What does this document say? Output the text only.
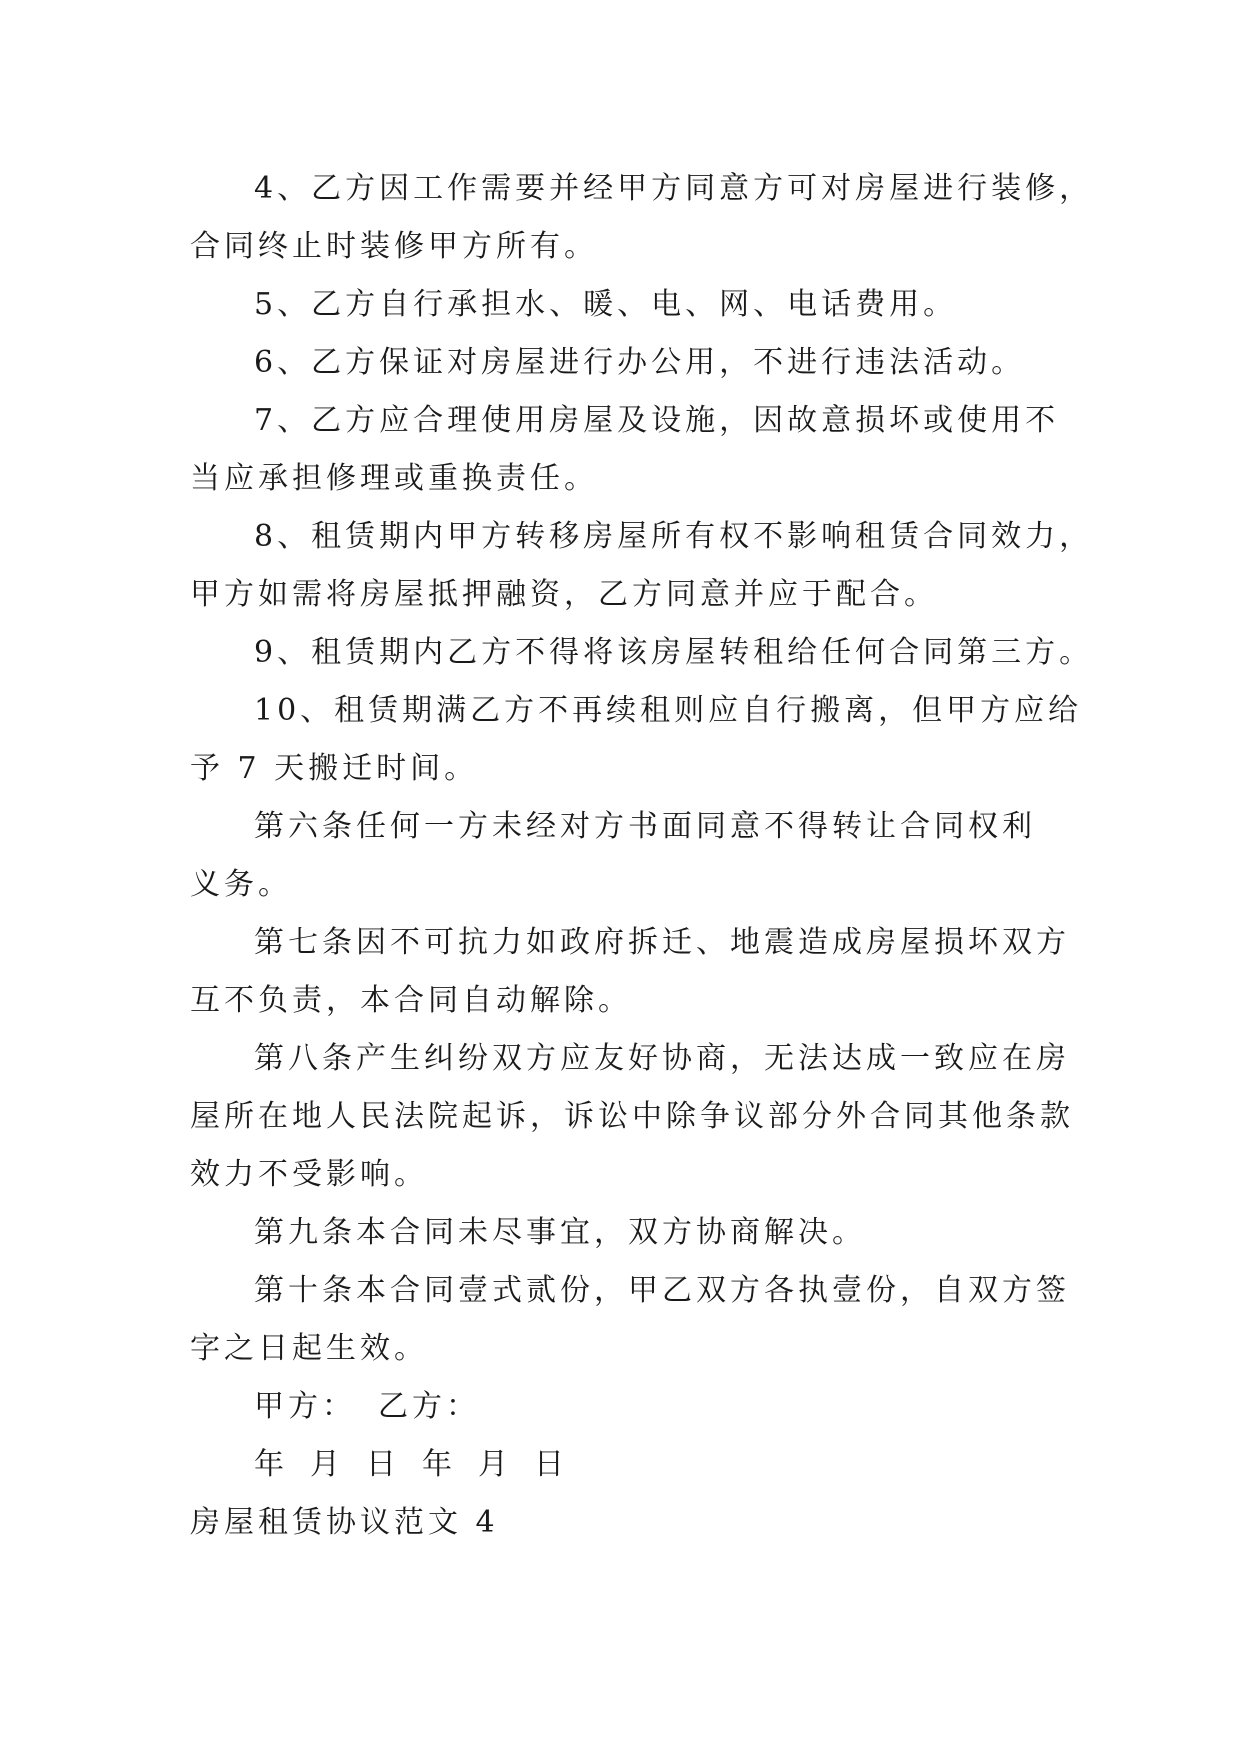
4、乙方因工作需要并经甲方同意方可对房屋进行装修，
合同终止时装修甲方所有。
5、乙方自行承担水、暖、电、网、电话费用。
6、乙方保证对房屋进行办公用，不进行违法活动。
7、乙方应合理使用房屋及设施，因故意损坏或使用不
当应承担修理或重换责任。
8、租赁期内甲方转移房屋所有权不影响租赁合同效力，
甲方如需将房屋抵押融资，乙方同意并应于配合。
9、租赁期内乙方不得将该房屋转租给任何合同第三方。
10、租赁期满乙方不再续租则应自行搬离，但甲方应给
予 7 天搬迁时间。
第六条任何一方未经对方书面同意不得转让合同权利
义务。
第七条因不可抗力如政府拆迁、地震造成房屋损坏双方
互不负责，本合同自动解除。
第八条产生纠纷双方应友好协商，无法达成一致应在房
屋所在地人民法院起诉，诉讼中除争议部分外合同其他条款
效力不受影响。
第九条本合同未尽事宜，双方协商解决。
第十条本合同壹式贰份，甲乙双方各执壹份，自双方签
字之日起生效。
甲方： 乙方：
年 月 日 年 月 日
房屋租赁协议范文 4
